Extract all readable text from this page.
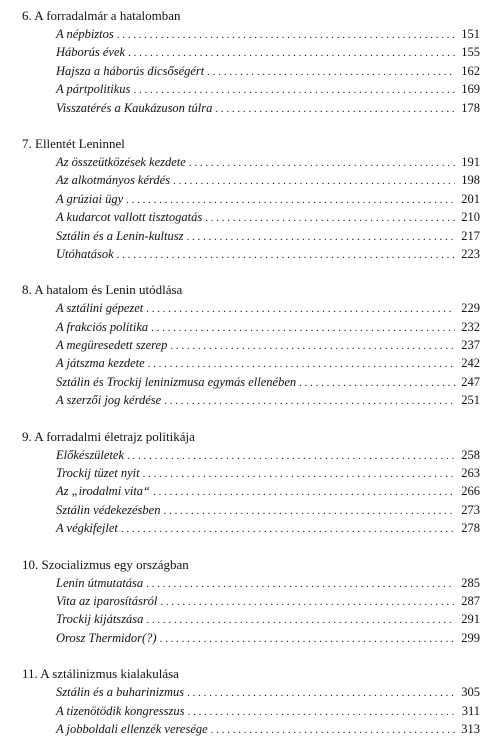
6. A forradalmár a hatalomban
A népbiztos . . .	151
Háborús évek . . .	155
Hajsza a háborús dicsőségért . . .	162
A pártpolitikus . . .	169
Visszatérés a Kaukázuson túlra . . .	178
7. Ellentét Leninnel
Az összeütközések kezdete . . .	191
Az alkotmányos kérdés . . .	198
A grúziai ügy . . .	201
A kudarcot vallott tisztogatás . . .	210
Sztálin és a Lenin-kultusz . . .	217
Utóhatások . . .	223
8. A hatalom és Lenin utódlása
A sztálini gépezet . . .	229
A frakciós politika . . .	232
A megüresedett szerep . . .	237
A játszma kezdete . . .	242
Sztálin és Trockij leninizmusa egymás ellenében . . .	247
A szerzői jog kérdése . . .	251
9. A forradalmi életrajz politikája
Előkészületek . . .	258
Trockij tüzet nyit . . .	263
Az „irodalmi vita“ . . .	266
Sztálin védekezésben . . .	273
A végkifejlet . . .	278
10. Szocializmus egy országban
Lenin útmutatása . . .	285
Vita az iparosításról . . .	287
Trockij kijátszása . . .	291
Orosz Thermidor(?) . . .	299
11. A sztálinizmus kialakulása
Sztálin és a buharinizmus . . .	305
A tizenötödik kongresszus . . .	311
A jobboldali ellenzék veresége . . .	313
